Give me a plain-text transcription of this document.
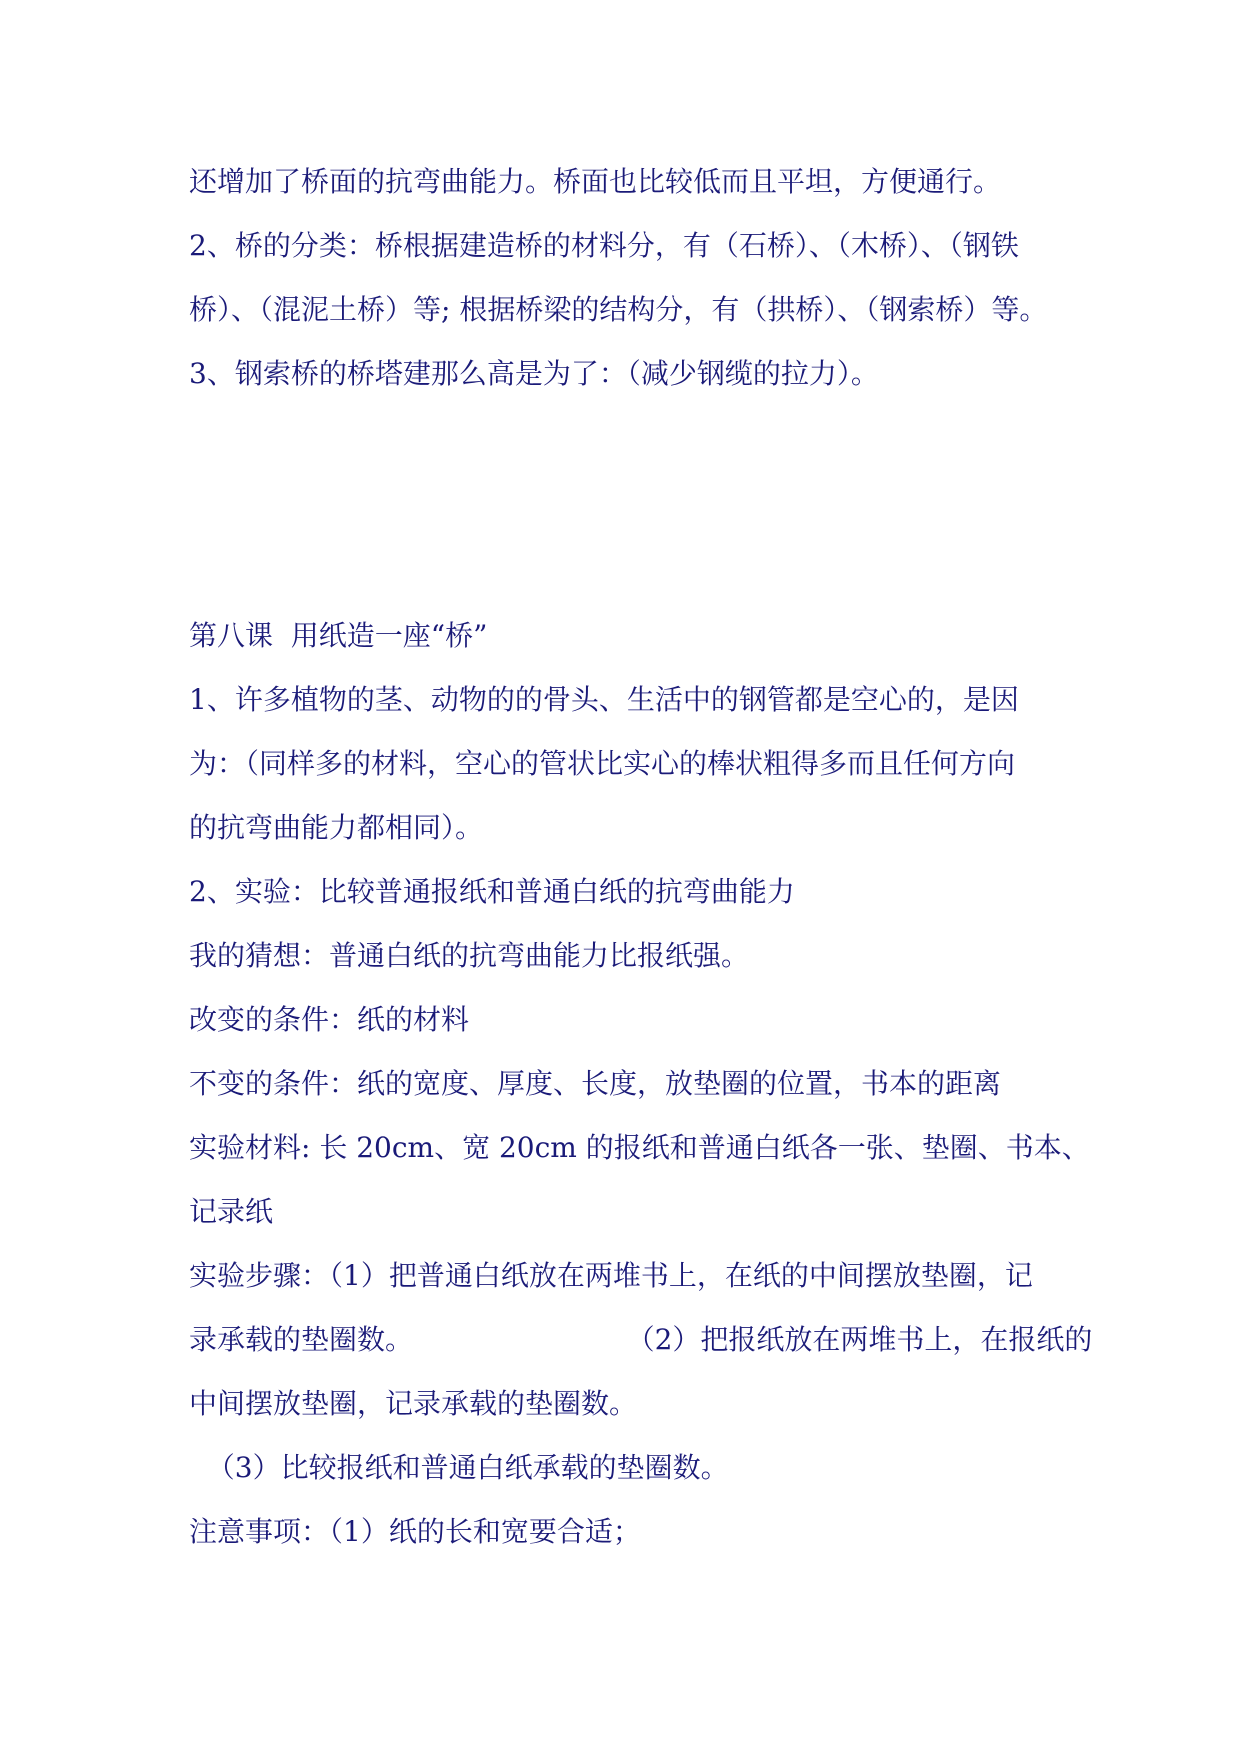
还增加了桥面的抗弯曲能力。桥面也比较低而且平坦，方便通行。
2、桥的分类：桥根据建造桥的材料分，有（石桥）、（木桥）、（钢铁
桥）、（混泥土桥）等; 根据桥梁的结构分，有（拱桥）、（钢索桥）等。
3、钢索桥的桥塔建那么高是为了：（减少钢缆的拉力）。
第八课  用纸造一座“桥”
1、许多植物的茎、动物的的骨头、生活中的钢管都是空心的，是因
为：（同样多的材料，空心的管状比实心的棒状粗得多而且任何方向
的抗弯曲能力都相同）。
2、实验：比较普通报纸和普通白纸的抗弯曲能力
我的猜想：普通白纸的抗弯曲能力比报纸强。
改变的条件：纸的材料
不变的条件：纸的宽度、厚度、长度，放垫圈的位置，书本的距离
实验材料: 长 20cm、宽 20cm 的报纸和普通白纸各一张、垫圈、书本、
记录纸
实验步骤：（1）把普通白纸放在两堆书上，在纸的中间摆放垫圈，记
录承载的垫圈数。                        （2）把报纸放在两堆书上，在报纸的
中间摆放垫圈，记录承载的垫圈数。
（3）比较报纸和普通白纸承载的垫圈数。
注意事项：（1）纸的长和宽要合适；
